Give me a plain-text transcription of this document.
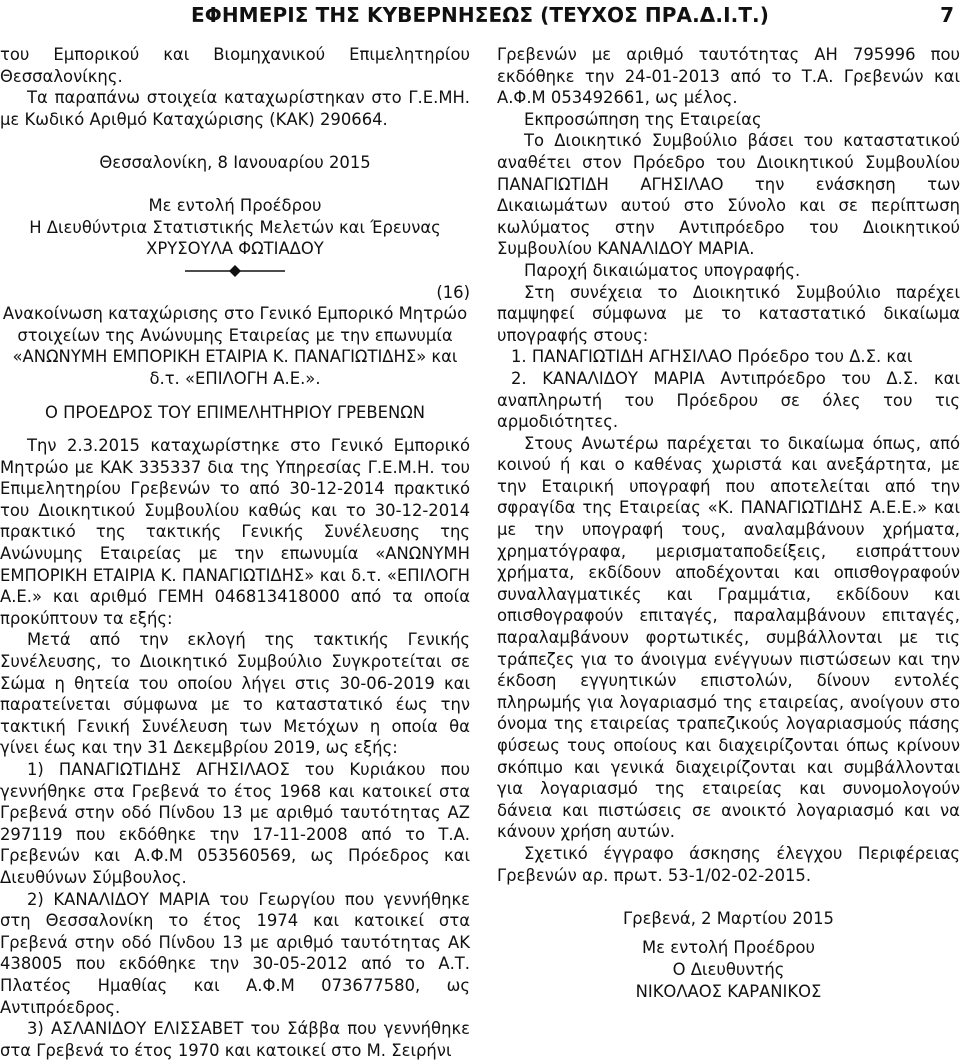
ΕΦΗΜΕΡΙΣ ΤΗΣ ΚΥΒΕΡΝΗΣΕΩΣ (ΤΕΥΧΟΣ ΠΡΑ.Δ.Ι.Τ.)	7

του Εμπορικού και Βιομηχανικού Επιμελητηρίου Θεσσαλονίκης.

Τα παραπάνω στοιχεία καταχωρίστηκαν στο Γ.Ε.ΜΗ. με Κωδικό Αριθμό Καταχώρισης (ΚΑΚ) 290664.

Θεσσαλονίκη, 8 Ιανουαρίου 2015

Με εντολή Προέδρου

Η Διευθύντρια Στατιστικής Μελετών και Έρευνας

ΧΡΥΣΟΥΛΑ ΦΩΤΙΑΔΟΥ

(16)

Ανακοίνωση καταχώρισης στο Γενικό Εμπορικό Μητρώο στοιχείων της Ανώνυμης Εταιρείας με την επωνυμία «ΑΝΩΝΥΜΗ ΕΜΠΟΡΙΚΗ ΕΤΑΙΡΙΑ Κ. ΠΑΝΑΓΙΩΤΙΔΗΣ» και δ.τ. «ΕΠΙΛΟΓΗ Α.Ε.».

Ο ΠΡΟΕΔΡΟΣ ΤΟΥ ΕΠΙΜΕΛΗΤΗΡΙΟΥ ΓΡΕΒΕΝΩΝ

Την 2.3.2015 καταχωρίστηκε στο Γενικό Εμπορικό Μητρώο με ΚΑΚ 335337 δια της Υπηρεσίας Γ.Ε.Μ.Η. του Επιμελητηρίου Γρεβενών το από 30-12-2014 πρακτικό του Διοικητικού Συμβουλίου καθώς και το 30-12-2014 πρακτικό της τακτικής Γενικής Συνέλευσης της Ανώνυμης Εταιρείας με την επωνυμία «ΑΝΩΝΥΜΗ ΕΜΠΟΡΙΚΗ ΕΤΑΙΡΙΑ Κ. ΠΑΝΑΓΙΩΤΙΔΗΣ» και δ.τ. «ΕΠΙΛΟΓΗ Α.Ε.» και αριθμό ΓΕΜΗ 046813418000 από τα οποία προκύπτουν τα εξής:

Μετά από την εκλογή της τακτικής Γενικής Συνέλευσης, το Διοικητικό Συμβούλιο Συγκροτείται σε Σώμα η θητεία του οποίου λήγει στις 30-06-2019 και παρατείνεται σύμφωνα με το καταστατικό έως την τακτική Γενική Συνέλευση των Μετόχων η οποία θα γίνει έως και την 31 Δεκεμβρίου 2019, ως εξής:

1) ΠΑΝΑΓΙΩΤΙΔΗΣ ΑΓΗΣΙΛΑΟΣ του Κυριάκου που γεννήθηκε στα Γρεβενά το έτος 1968 και κατοικεί στα Γρεβενά στην οδό Πίνδου 13 με αριθμό ταυτότητας ΑΖ 297119 που εκδόθηκε την 17-11-2008 από το Τ.Α. Γρεβενών και Α.Φ.Μ 053560569, ως Πρόεδρος και Διευθύνων Σύμβουλος.

2) ΚΑΝΑΛΙΔΟΥ ΜΑΡΙΑ του Γεωργίου που γεννήθηκε στη Θεσσαλονίκη το έτος 1974 και κατοικεί στα Γρεβενά στην οδό Πίνδου 13 με αριθμό ταυτότητας ΑΚ 438005 που εκδόθηκε την 30-05-2012 από το Α.Τ. Πλατέος Ημαθίας και Α.Φ.Μ 073677580, ως Αντιπρόεδρος.

3) ΑΣΛΑΝΙΔΟΥ ΕΛΙΣΣΑΒΕΤ του Σάββα που γεννήθηκε στα Γρεβενά το έτος 1970 και κατοικεί στο Μ. Σειρήνι

Γρεβενών με αριθμό ταυτότητας ΑΗ 795996 που εκδόθηκε την 24-01-2013 από το Τ.Α. Γρεβενών και Α.Φ.Μ 053492661, ως μέλος.

Εκπροσώπηση της Εταιρείας

Το Διοικητικό Συμβούλιο βάσει του καταστατικού αναθέτει στον Πρόεδρο του Διοικητικού Συμβουλίου ΠΑΝΑΓΙΩΤΙΔΗ ΑΓΗΣΙΛΑΟ την ενάσκηση των Δικαιωμάτων αυτού στο Σύνολο και σε περίπτωση κωλύματος στην Αντιπρόεδρο του Διοικητικού Συμβουλίου ΚΑΝΑΛΙΔΟΥ ΜΑΡΙΑ.

Παροχή δικαιώματος υπογραφής.

Στη συνέχεια το Διοικητικό Συμβούλιο παρέχει παμψηφεί σύμφωνα με το καταστατικό δικαίωμα υπογραφής στους:

1. ΠΑΝΑΓΙΩΤΙΔΗ ΑΓΗΣΙΛΑΟ Πρόεδρο του Δ.Σ. και

2. ΚΑΝΑΛΙΔΟΥ ΜΑΡΙΑ Αντιπρόεδρο του Δ.Σ. και αναπληρωτή του Πρόεδρου σε όλες του τις αρμοδιότητες.

Στους Ανωτέρω παρέχεται το δικαίωμα όπως, από κοινού ή και ο καθένας χωριστά και ανεξάρτητα, με την Εταιρική υπογραφή που αποτελείται από την σφραγίδα της Εταιρείας «Κ. ΠΑΝΑΓΙΩΤΙΔΗΣ Α.Ε.Ε.» και με την υπογραφή τους, αναλαμβάνουν χρήματα, χρηματόγραφα, μερισματαποδείξεις, εισπράττουν χρήματα, εκδίδουν αποδέχονται και οπισθογραφούν συναλλαγματικές και Γραμμάτια, εκδίδουν και οπισθογραφούν επιταγές, παραλαμβάνουν επιταγές, παραλαμβάνουν φορτωτικές, συμβάλλονται με τις τράπεζες για το άνοιγμα ενέγγυων πιστώσεων και την έκδοση εγγυητικών επιστολών, δίνουν εντολές πληρωμής για λογαριασμό της εταιρείας, ανοίγουν στο όνομα της εταιρείας τραπεζικούς λογαριασμούς πάσης φύσεως τους οποίους και διαχειρίζονται όπως κρίνουν σκόπιμο και γενικά διαχειρίζονται και συμβάλλονται για λογαριασμό της εταιρείας και συνομολογούν δάνεια και πιστώσεις σε ανοικτό λογαριασμό και να κάνουν χρήση αυτών.

Σχετικό έγγραφο άσκησης έλεγχου Περιφέρειας Γρεβενών αρ. πρωτ. 53-1/02-02-2015.

Γρεβενά, 2 Μαρτίου 2015

Με εντολή Προέδρου

Ο Διευθυντής

ΝΙΚΟΛΑΟΣ ΚΑΡΑΝΙΚΟΣ
